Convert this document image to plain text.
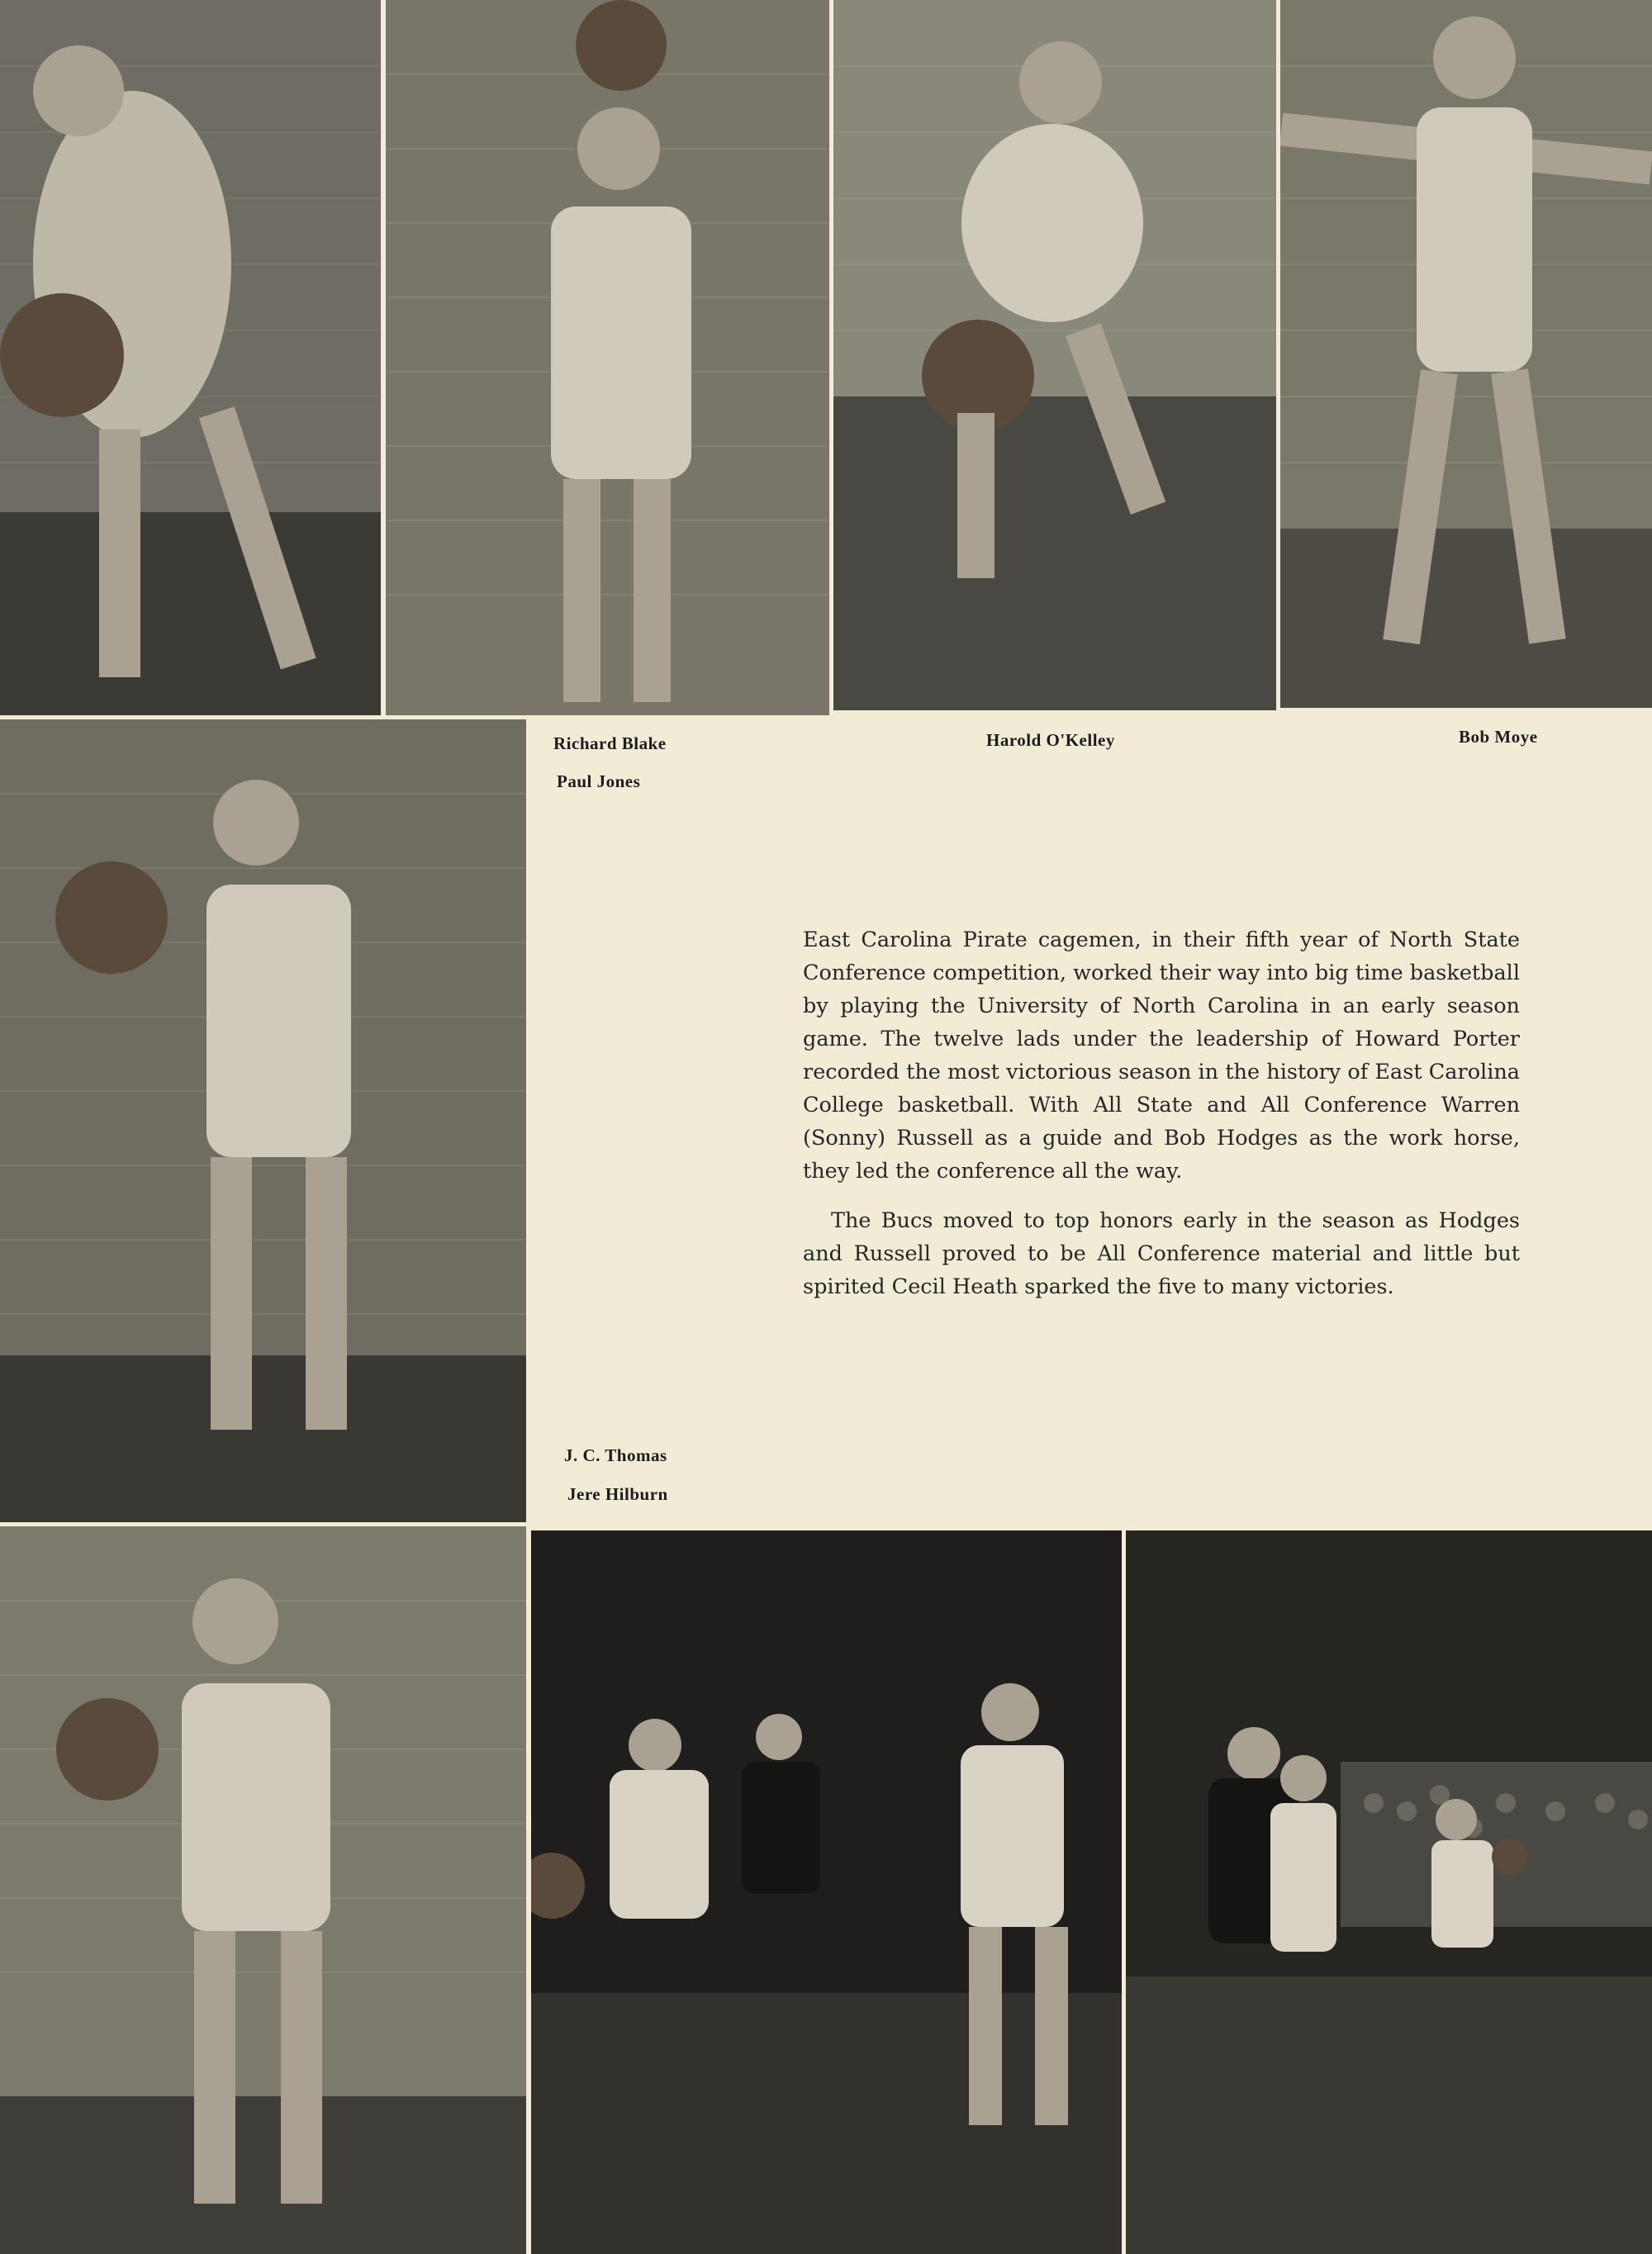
Richard Blake
Paul Jones
Harold O'Kelley	Bob Moye
J. C. Thomas
Jere Hilburn

East Carolina Pirate cagemen, in their fifth year of North State Conference competition, worked their way into big time basketball by playing the University of North Carolina in an early season game. The twelve lads under the leadership of Howard Porter recorded the most victorious season in the history of East Carolina College basketball. With All State and All Conference Warren (Sonny) Russell as a guide and Bob Hodges as the work horse, they led the conference all the way.

The Bucs moved to top honors early in the season as Hodges and Russell proved to be All Conference material and little but spirited Cecil Heath sparked the five to many victories.
